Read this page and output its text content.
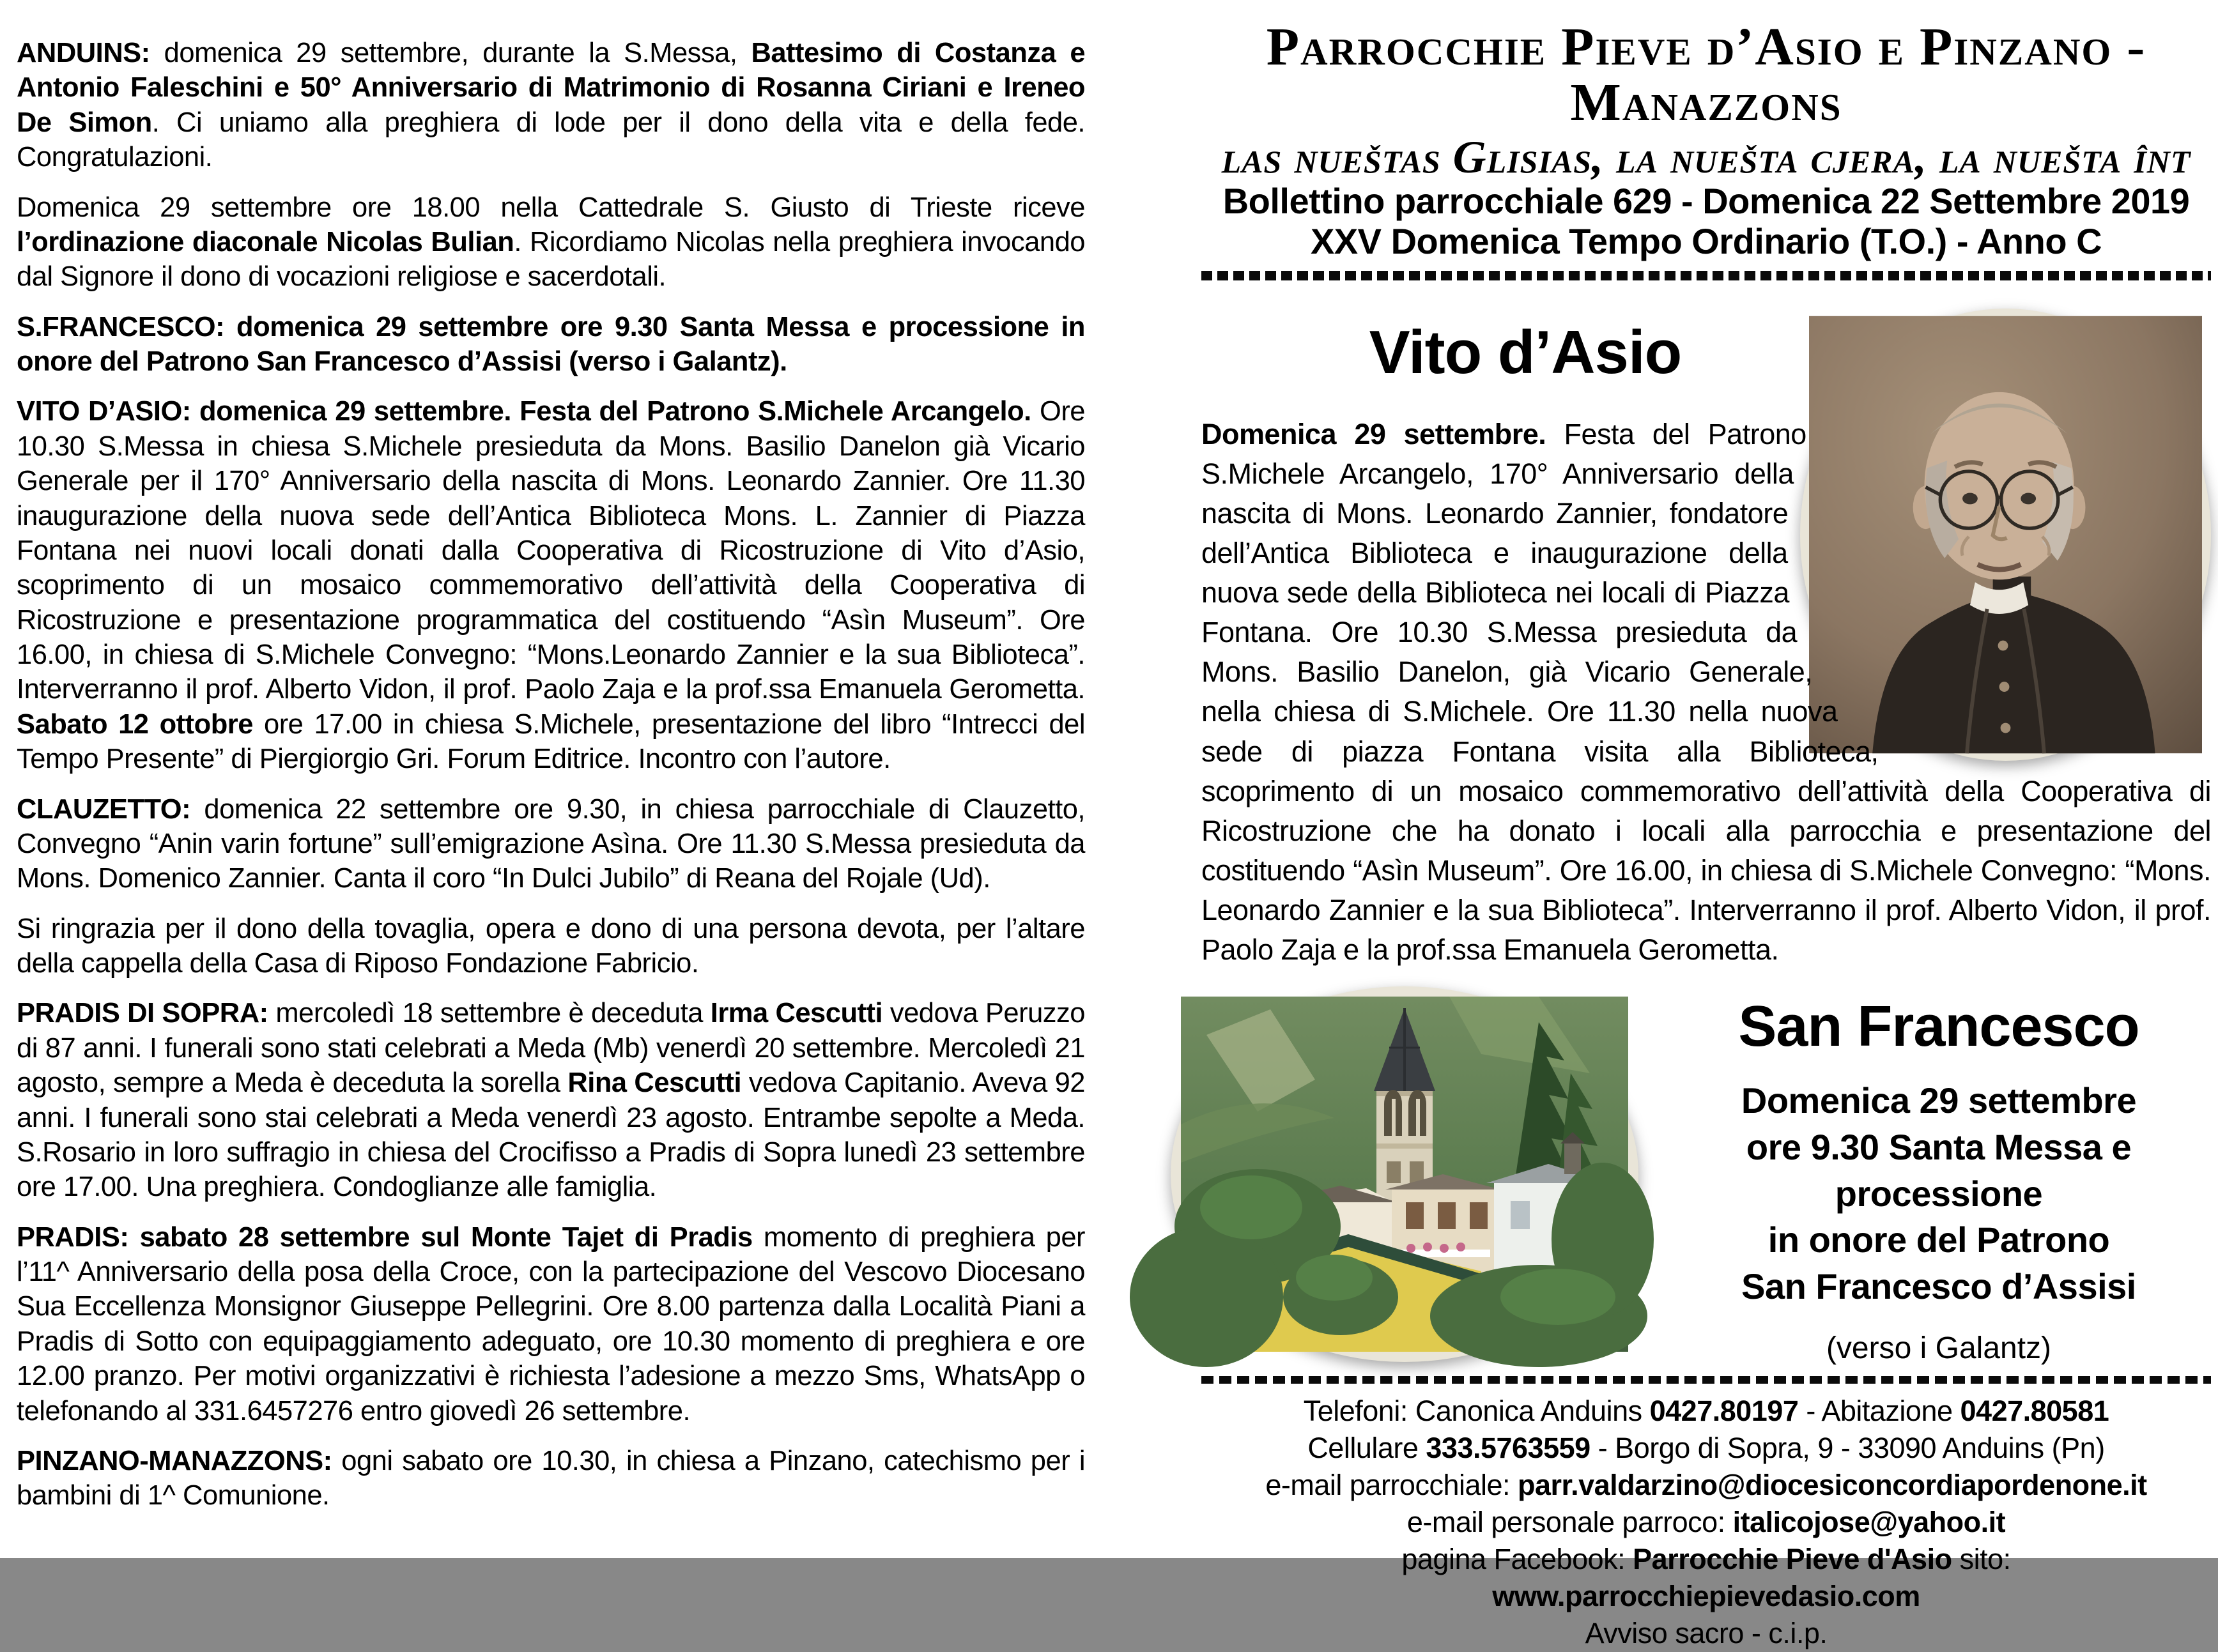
ANDUINS: domenica 29 settembre, durante la S.Messa, Battesimo di Costanza e Antonio Faleschini e 50° Anniversario di Matrimonio di Rosanna Ciriani e Ireneo De Simon. Ci uniamo alla preghiera di lode per il dono della vita e della fede. Congratulazioni.

Domenica 29 settembre ore 18.00 nella Cattedrale S. Giusto di Trieste riceve l’ordinazione diaconale Nicolas Bulian. Ricordiamo Nicolas nella preghiera invocando dal Signore il dono di vocazioni religiose e sacerdotali.

S.FRANCESCO: domenica 29 settembre ore 9.30 Santa Messa e processione in onore del Patrono San Francesco d’Assisi (verso i Galantz).

VITO D’ASIO: domenica 29 settembre. Festa del Patrono S.Michele Arcangelo. Ore 10.30 S.Messa in chiesa S.Michele presieduta da Mons. Basilio Danelon già Vicario Generale per il 170° Anniversario della nascita di Mons. Leonardo Zannier. Ore 11.30 inaugurazione della nuova sede dell’Antica Biblioteca Mons. L. Zannier di Piazza Fontana nei nuovi locali donati dalla Cooperativa di Ricostruzione di Vito d’Asio, scoprimento di un mosaico commemorativo dell’attività della Cooperativa di Ricostruzione e presentazione programmatica del costituendo “Asìn Museum”. Ore 16.00, in chiesa di S.Michele Convegno: “Mons.Leonardo Zannier e la sua Biblioteca”. Interverranno il prof. Alberto Vidon, il prof. Paolo Zaja e la prof.ssa Emanuela Gerometta. Sabato 12 ottobre ore 17.00 in chiesa S.Michele, presentazione del libro “Intrecci del Tempo Presente” di Piergiorgio Gri. Forum Editrice. Incontro con l’autore.

CLAUZETTO: domenica 22 settembre ore 9.30, in chiesa parrocchiale di Clauzetto, Convegno “Anin varin fortune” sull’emigrazione Asìna. Ore 11.30 S.Messa presieduta da Mons. Domenico Zannier. Canta il coro “In Dulci Jubilo” di Reana del Rojale (Ud).

Si ringrazia per il dono della tovaglia, opera e dono di una persona devota, per l’altare della cappella della Casa di Riposo Fondazione Fabricio.

PRADIS DI SOPRA: mercoledì 18 settembre è deceduta Irma Cescutti vedova Peruzzo di 87 anni. I funerali sono stati celebrati a Meda (Mb) venerdì 20 settembre. Mercoledì 21 agosto, sempre a Meda è deceduta la sorella Rina Cescutti vedova Capitanio. Aveva 92 anni. I funerali sono stai celebrati a Meda venerdì 23 agosto. Entrambe sepolte a Meda. S.Rosario in loro suffragio in chiesa del Crocifisso a Pradis di Sopra lunedì 23 settembre ore 17.00. Una preghiera. Condoglianze alle famiglia.

PRADIS: sabato 28 settembre sul Monte Tajet di Pradis momento di preghiera per l’11^ Anniversario della posa della Croce, con la partecipazione del Vescovo Diocesano Sua Eccellenza Monsignor Giuseppe Pellegrini. Ore 8.00 partenza dalla Località Piani a Pradis di Sotto con equipaggiamento adeguato, ore 10.30 momento di preghiera e ore 12.00 pranzo. Per motivi organizzativi è richiesta l’adesione a mezzo Sms, WhatsApp o telefonando al 331.6457276 entro giovedì 26 settembre.

PINZANO-MANAZZONS: ogni sabato ore 10.30, in chiesa a Pinzano, catechismo per i bambini di 1^ Comunione.

Parrocchie Pieve d’Asio e Pinzano - Manazzons
las nueštas Gliſias, la nuešta cjera, la nuešta înt
Bollettino parrocchiale 629 - Domenica 22 Settembre 2019
XXV Domenica Tempo Ordinario (T.O.) - Anno C
Vito d’Asio
Domenica 29 settembre. Festa del Patrono S.Michele Arcangelo, 170° Anniversario della nascita di Mons. Leonardo Zannier, fondatore dell’Antica Biblioteca e inaugurazione della nuova sede della Biblioteca nei locali di Piazza Fontana. Ore 10.30 S.Messa presieduta da Mons. Basilio Danelon, già Vicario Generale, nella chiesa di S.Michele. Ore 11.30 nella nuova sede di piazza Fontana visita alla Biblioteca, scoprimento di un mosaico commemorativo dell’attività della Cooperativa di Ricostruzione che ha donato i locali alla parrocchia e presentazione del costituendo “Asìn Museum”. Ore 16.00, in chiesa di S.Michele Convegno: “Mons. Leonardo Zannier e la sua Biblioteca”. Interverranno il prof. Alberto Vidon, il prof. Paolo Zaja e la prof.ssa Emanuela Gerometta.
San Francesco
Domenica 29 settembre
ore 9.30 Santa Messa e
processione
in onore del Patrono
San Francesco d’Assisi
(verso i Galantz)
Telefoni: Canonica Anduins 0427.80197 - Abitazione 0427.80581
Cellulare 333.5763559 - Borgo di Sopra, 9 - 33090 Anduins (Pn)
e-mail parrocchiale: parr.valdarzino@diocesiconcordiapordenone.it
e-mail personale parroco: italicojose@yahoo.it
pagina Facebook: Parrocchie Pieve d'Asio sito: www.parrocchiepievedasio.com
Avviso sacro - c.i.p.
